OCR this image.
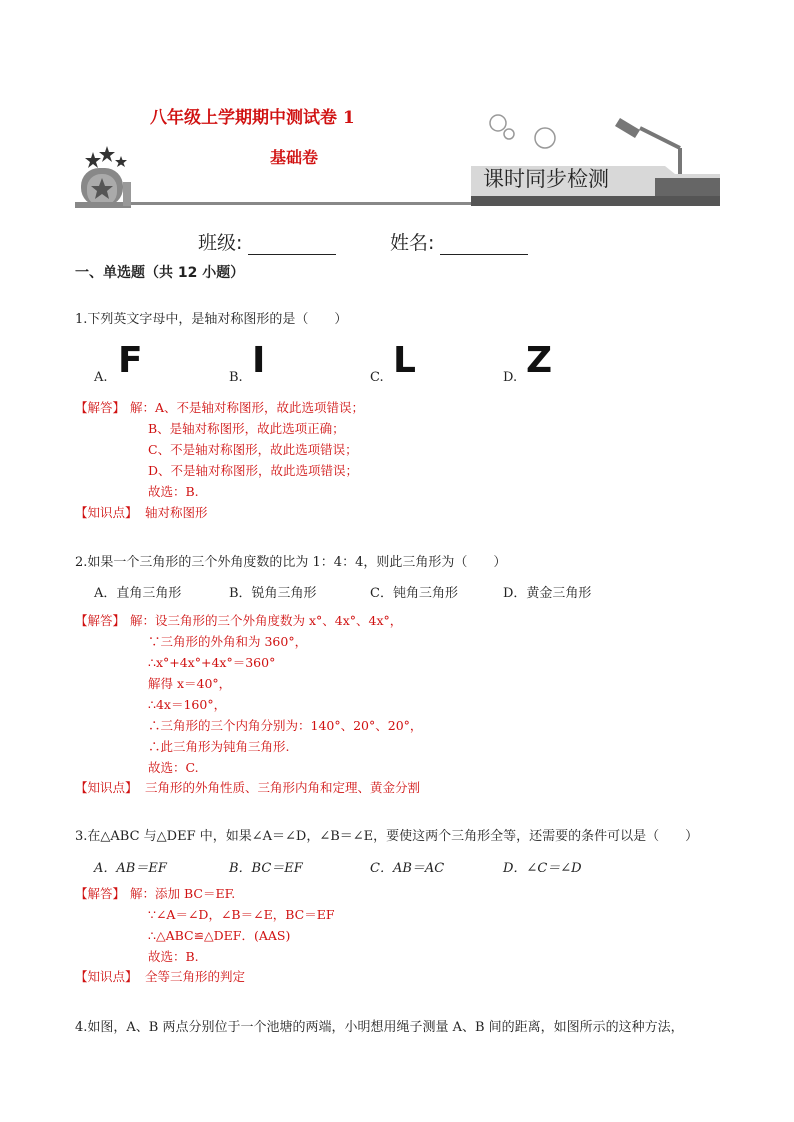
八年级上学期期中测试卷 1
基础卷
课时同步检测
班级:	姓名:
一、单选题（共 12 小题）
1.下列英文字母中，是轴对称图形的是（　　）
A. F	B. I	C. L	D. Z
【解答】 解：A、不是轴对称图形，故此选项错误；
B、是轴对称图形，故此选项正确；
C、不是轴对称图形，故此选项错误；
D、不是轴对称图形，故此选项错误；
故选：B.
【知识点】 轴对称图形
2.如果一个三角形的三个外角度数的比为 1：4：4，则此三角形为（　　）
A．直角三角形	B．锐角三角形	C．钝角三角形	D．黄金三角形
【解答】 解：设三角形的三个外角度数为 x°、4x°、4x°，
∵三角形的外角和为 360°，
∴x°+4x°+4x°＝360°
解得 x＝40°，
∴4x＝160°，
∴三角形的三个内角分别为：140°、20°、20°，
∴此三角形为钝角三角形.
故选：C.
【知识点】 三角形的外角性质、三角形内角和定理、黄金分割
3.在△ABC 与△DEF 中，如果∠A＝∠D，∠B＝∠E，要使这两个三角形全等，还需要的条件可以是（　　）
A．AB＝EF	B．BC＝EF	C．AB＝AC	D．∠C＝∠D
【解答】 解：添加 BC＝EF.
∵∠A＝∠D，∠B＝∠E，BC＝EF
∴△ABC≌△DEF．(AAS)
故选：B.
【知识点】 全等三角形的判定
4.如图，A、B 两点分别位于一个池塘的两端，小明想用绳子测量 A、B 间的距离，如图所示的这种方法，
